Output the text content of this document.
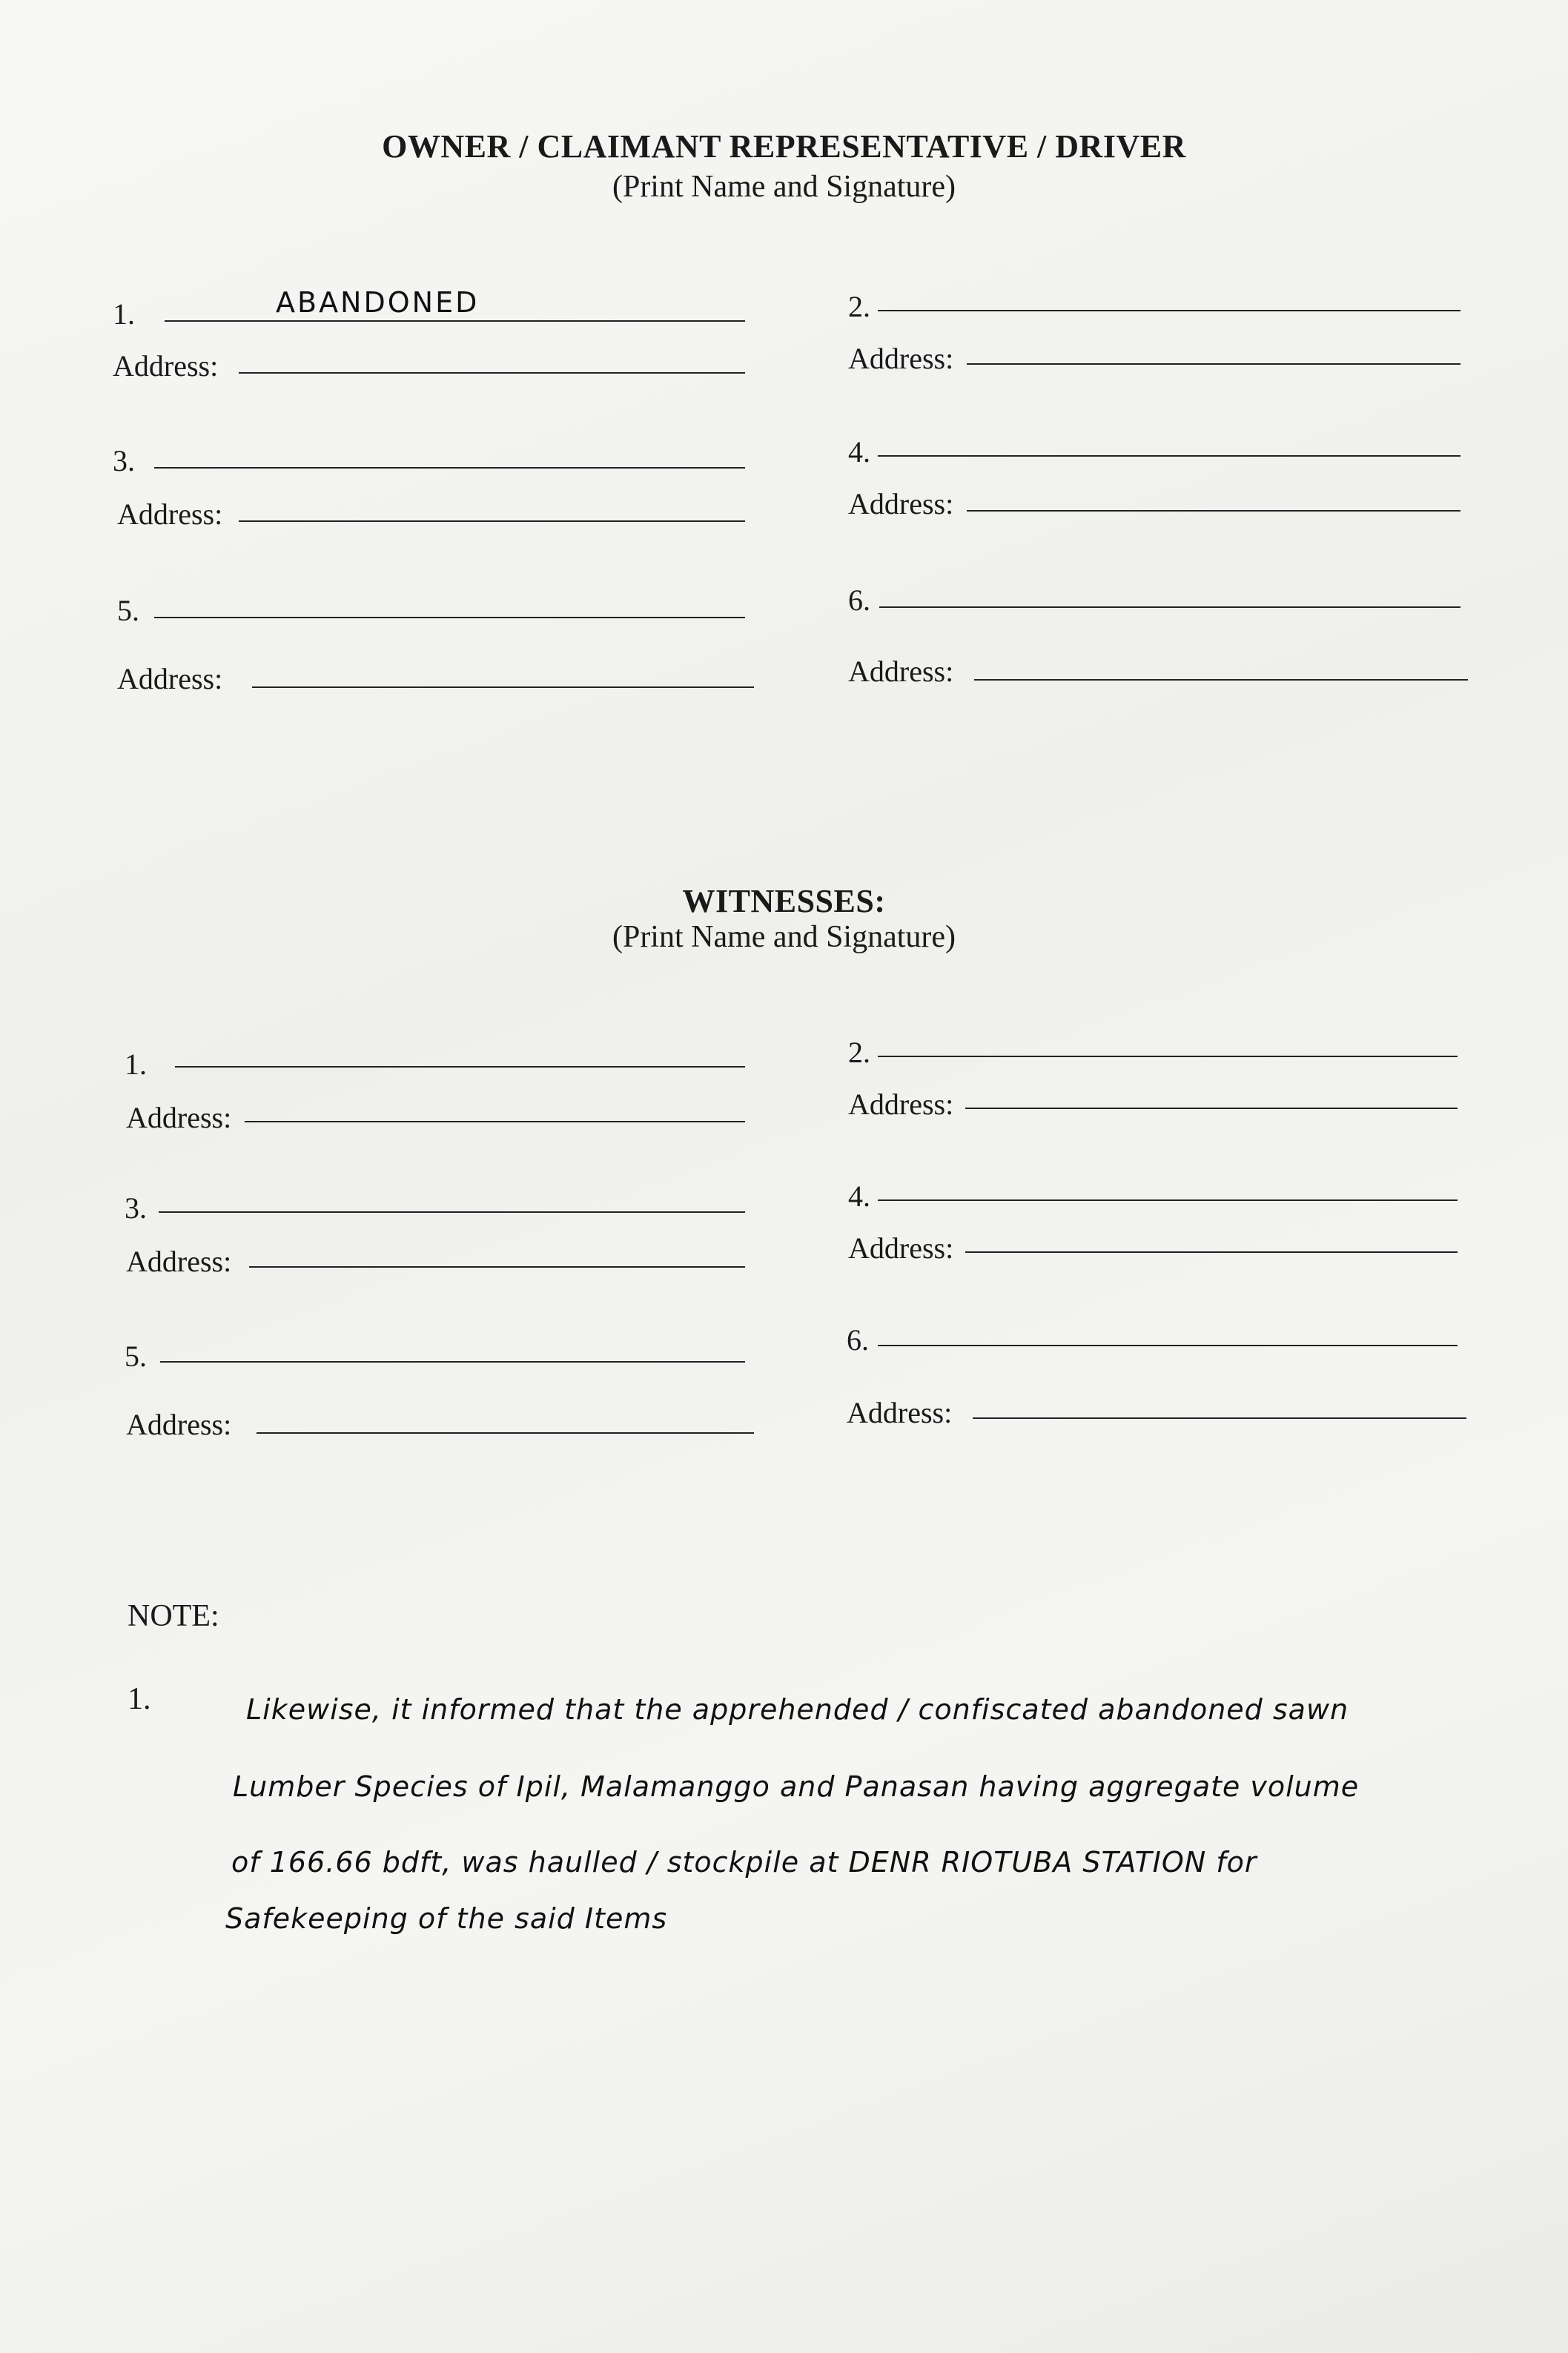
OWNER / CLAIMANT REPRESENTATIVE / DRIVER
(Print Name and Signature)
1.	ABANDONED
Address:
3.
Address:
5.
Address:
2.
Address:
4.
Address:
6.
Address:
WITNESSES:
(Print Name and Signature)
1.
Address:
3.
Address:
5.
Address:
2.
Address:
4.
Address:
6.
Address:
NOTE:
1.	Likewise, it informed that the apprehended / confiscated abandoned sawn
Lumber Species of Ipil, Malamanggo and Panasan having aggregate volume
of 166.66 bdft, was haulled / stockpile at DENR RIOTUBA STATION for
Safekeeping of the said Items
